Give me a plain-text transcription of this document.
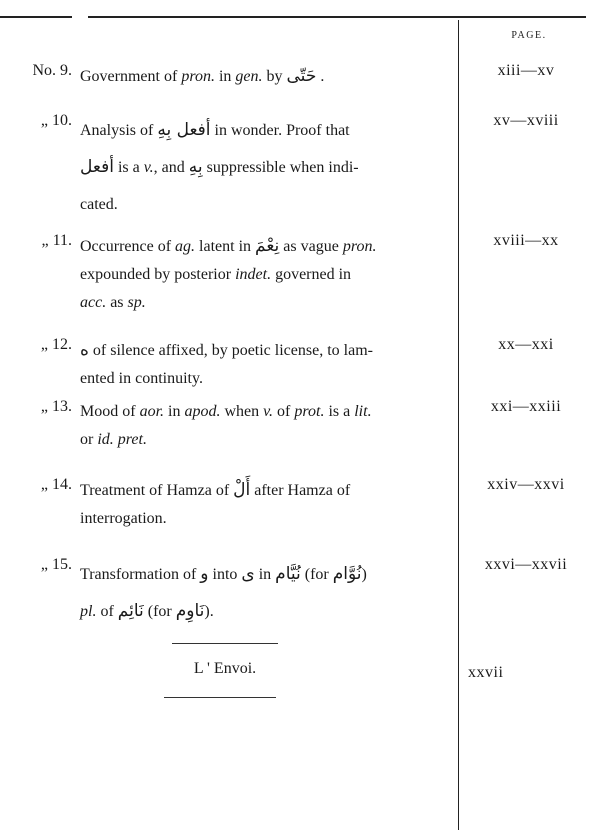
PAGE.
No. 9. Government of pron. in gen. by حَتّى .	xiii—xv
„ 10.
Analysis of أفعل بِهِ in wonder. Proof that
أفعل is a v., and بِهِ suppressible when indi-
cated.
xv—xviii
„ 11. Occurrence of ag. latent in نِعْمَ as vague pron.
expounded by posterior indet. governed in
acc. as sp.
xviii—xx
„ 12. ه of silence affixed, by poetic license, to lam-
ented in continuity.
xx—xxi
„ 13. Mood of aor. in apod. when v. of prot. is a lit.
or id. pret.
xxi—xxiii
„ 14. Treatment of Hamza of أَلْ after Hamza of
interrogation.
xxiv—xxvi
„ 15.
Transformation of و into ى in نُيَّام (for نُوَّام)
pl. of نَائِم (for نَاوِم).
xxvi—xxvii
L ' Envoi.	xxvii
